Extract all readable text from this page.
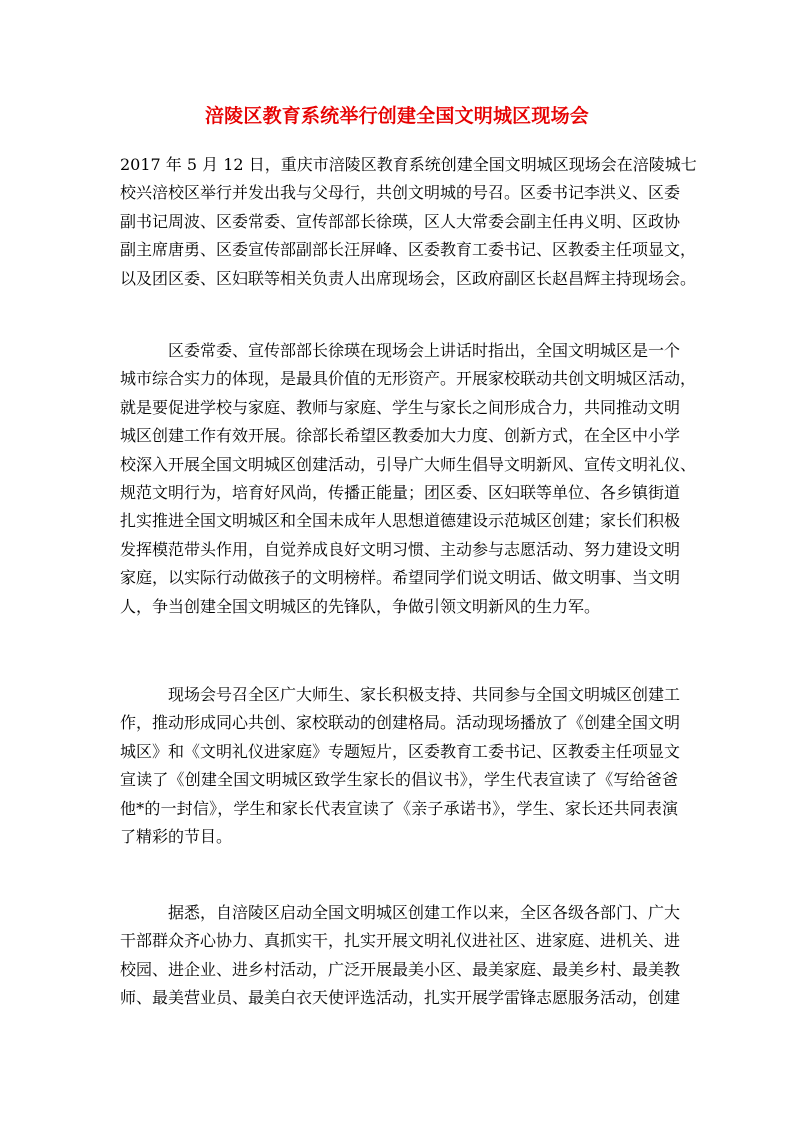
涪陵区教育系统举行创建全国文明城区现场会
2017 年 5 月 12 日，重庆市涪陵区教育系统创建全国文明城区现场会在涪陵城七
校兴涪校区举行并发出我与父母行，共创文明城的号召。区委书记李洪义、区委
副书记周波、区委常委、宣传部部长徐瑛，区人大常委会副主任冉义明、区政协
副主席唐勇、区委宣传部副部长汪屏峰、区委教育工委书记、区教委主任项显文，
以及团区委、区妇联等相关负责人出席现场会，区政府副区长赵昌辉主持现场会。
区委常委、宣传部部长徐瑛在现场会上讲话时指出，全国文明城区是一个
城市综合实力的体现，是最具价值的无形资产。开展家校联动共创文明城区活动，
就是要促进学校与家庭、教师与家庭、学生与家长之间形成合力，共同推动文明
城区创建工作有效开展。徐部长希望区教委加大力度、创新方式，在全区中小学
校深入开展全国文明城区创建活动，引导广大师生倡导文明新风、宣传文明礼仪、
规范文明行为，培育好风尚，传播正能量；团区委、区妇联等单位、各乡镇街道
扎实推进全国文明城区和全国未成年人思想道德建设示范城区创建；家长们积极
发挥模范带头作用，自觉养成良好文明习惯、主动参与志愿活动、努力建设文明
家庭，以实际行动做孩子的文明榜样。希望同学们说文明话、做文明事、当文明
人，争当创建全国文明城区的先锋队，争做引领文明新风的生力军。
现场会号召全区广大师生、家长积极支持、共同参与全国文明城区创建工
作，推动形成同心共创、家校联动的创建格局。活动现场播放了《创建全国文明
城区》和《文明礼仪进家庭》专题短片，区委教育工委书记、区教委主任项显文
宣读了《创建全国文明城区致学生家长的倡议书》，学生代表宣读了《写给爸爸
他*的一封信》，学生和家长代表宣读了《亲子承诺书》，学生、家长还共同表演
了精彩的节目。
据悉，自涪陵区启动全国文明城区创建工作以来，全区各级各部门、广大
干部群众齐心协力、真抓实干，扎实开展文明礼仪进社区、进家庭、进机关、进
校园、进企业、进乡村活动，广泛开展最美小区、最美家庭、最美乡村、最美教
师、最美营业员、最美白衣天使评选活动，扎实开展学雷锋志愿服务活动，创建
